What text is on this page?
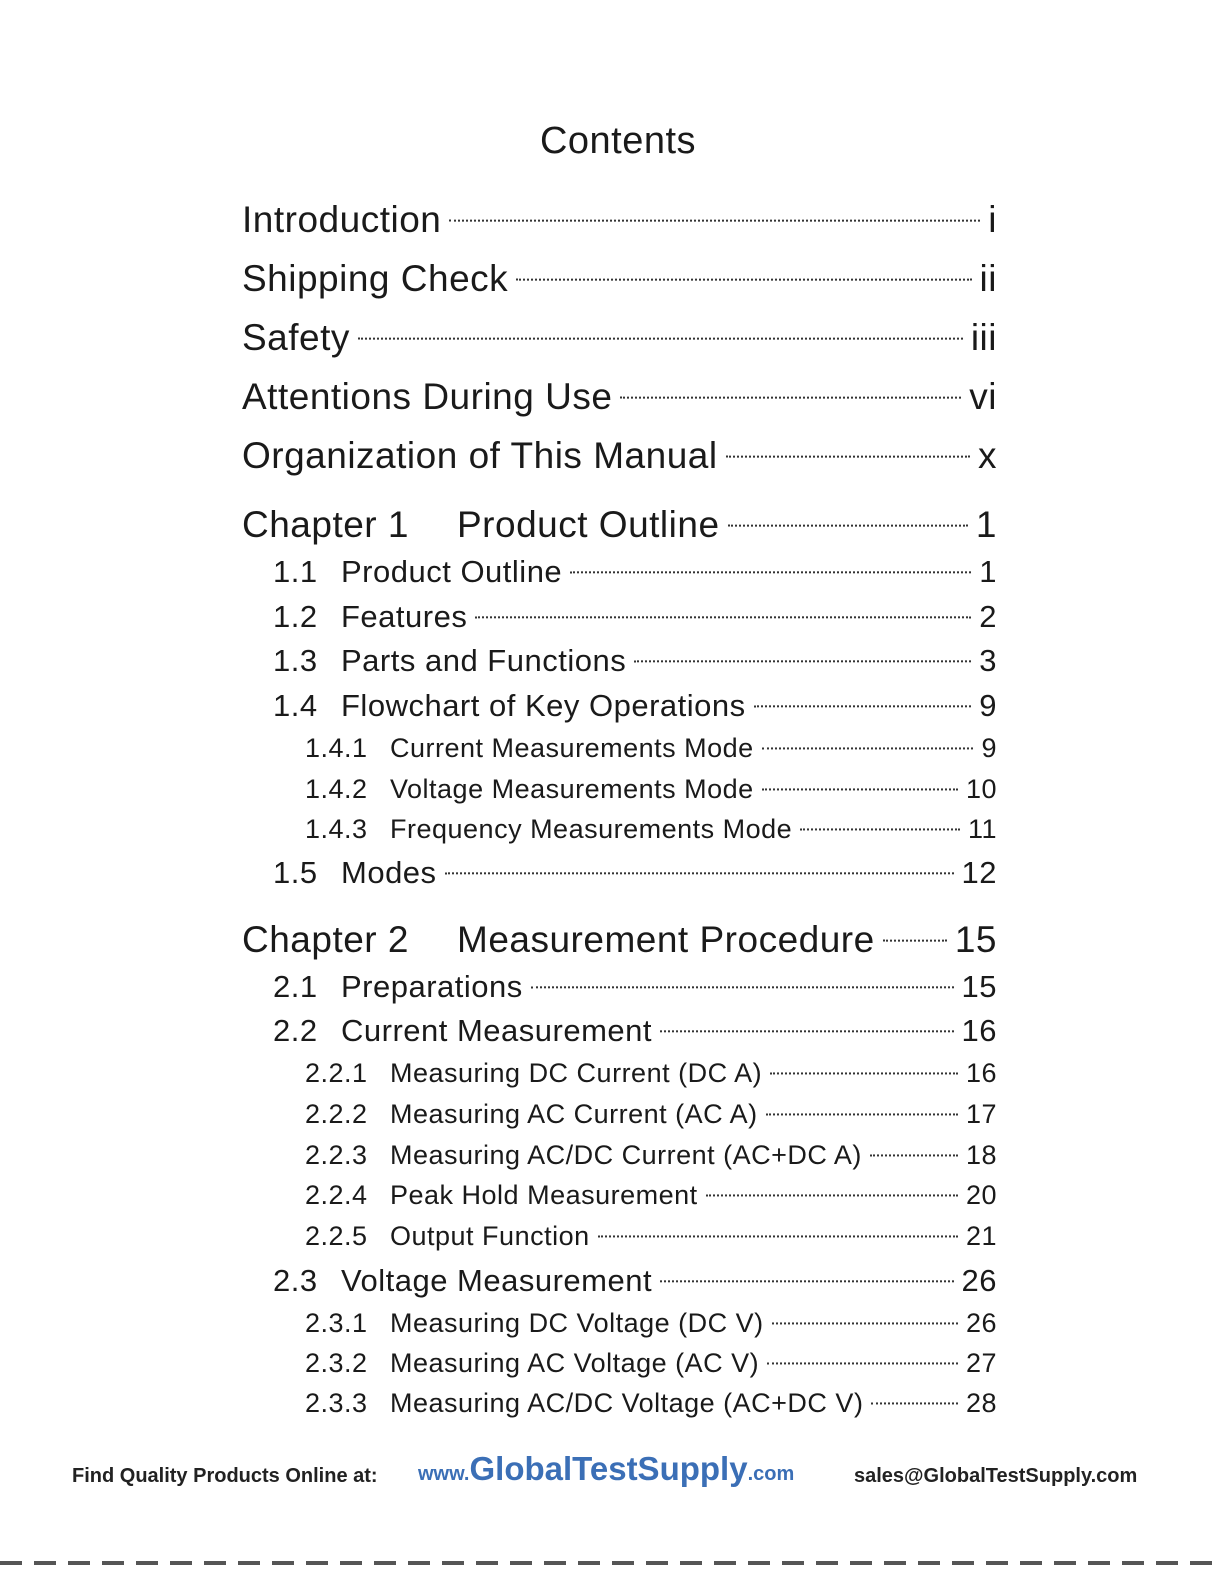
Contents
Introduction	i
Shipping Check	ii
Safety	iii
Attentions During Use	vi
Organization of This Manual	x
Chapter 1	Product Outline	1
1.1 Product Outline	1
1.2 Features	2
1.3 Parts and Functions	3
1.4 Flowchart of Key Operations	9
1.4.1 Current Measurements Mode	9
1.4.2 Voltage Measurements Mode	10
1.4.3 Frequency Measurements Mode	11
1.5 Modes	12
Chapter 2	Measurement Procedure 15
2.1 Preparations	15
2.2 Current Measurement	16
2.2.1 Measuring DC Current (DC A)	16
2.2.2 Measuring AC Current (AC A)	17
2.2.3 Measuring AC/DC Current (AC+DC A)	18
2.2.4 Peak Hold Measurement	20
2.2.5 Output Function	21
2.3 Voltage Measurement	26
2.3.1 Measuring DC Voltage (DC V)	26
2.3.2 Measuring AC Voltage (AC V)	27
2.3.3 Measuring AC/DC Voltage (AC+DC V)	28
Find Quality Products Online at: www.GlobalTestSupply.com	sales@GlobalTestSupply.com
